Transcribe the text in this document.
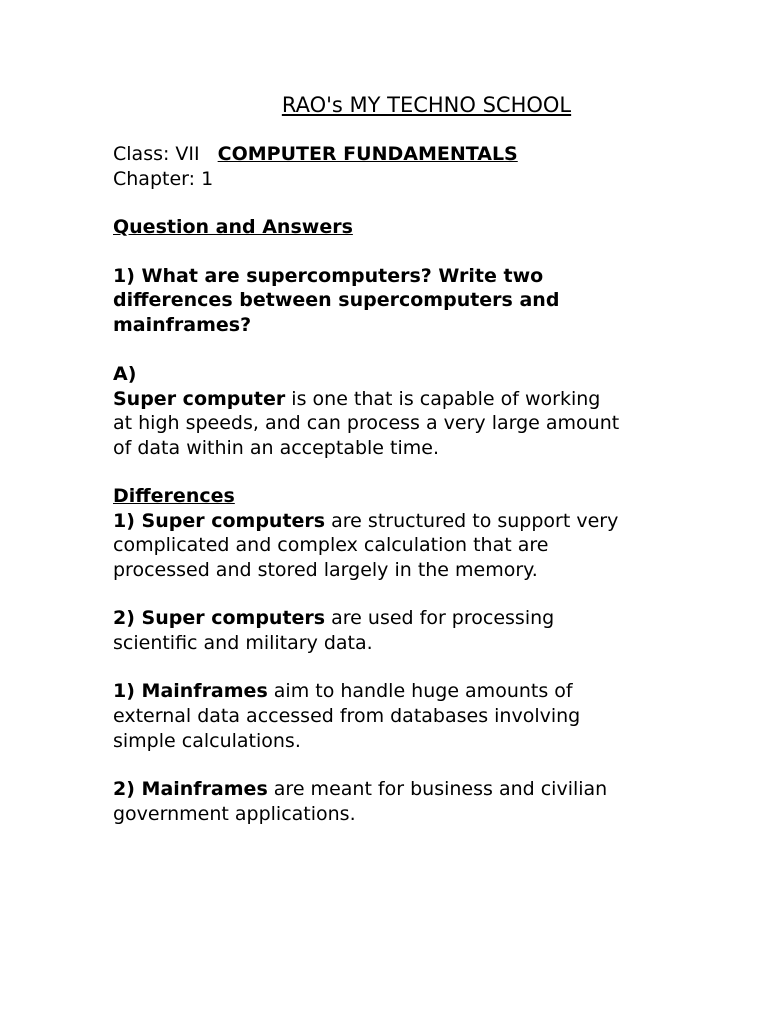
RAO's MY TECHNO SCHOOL
Class: VII COMPUTER FUNDAMENTALS
Chapter: 1
Question and Answers
1) What are supercomputers? Write two
differences between supercomputers and
mainframes?
A)
Super computer is one that is capable of working
at high speeds, and can process a very large amount
of data within an acceptable time.
Differences
1) Super computers are structured to support very
complicated and complex calculation that are
processed and stored largely in the memory.
2) Super computers are used for processing
scientific and military data.
1) Mainframes aim to handle huge amounts of
external data accessed from databases involving
simple calculations.
2) Mainframes are meant for business and civilian
government applications.
